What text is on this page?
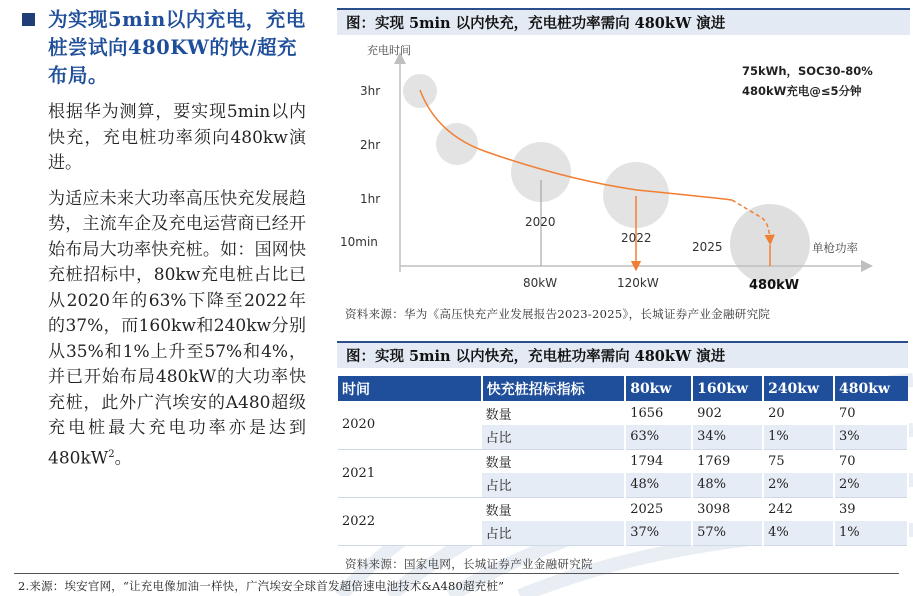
为实现5min以内充电，充电桩尝试向480KW的快/超充布局。

根据华为测算，要实现5min以内快充，充电桩功率须向480kw演进。

为适应未来大功率高压快充发展趋势，主流车企及充电运营商已经开始布局大功率快充桩。如：国网快充桩招标中，80kw充电桩占比已从2020年的63%下降至2022年的37%，而160kw和240kw分别从35%和1%上升至57%和4%，并已开始布局480kW的大功率快充桩，此外广汽埃安的A480超级充电桩最大充电功率亦是达到$480kW^2$。

图：实现 5min 以内快充，充电桩功率需向 480kW 演进
充电时间
单枪功率
3hr
2hr
1hr
10min
80kW	120kW	480kW
2020
2022
2025
75kWh，SOC30-80%
480kW充电@≤5分钟
资料来源：华为《高压快充产业发展报告2023-2025》，长城证券产业金融研究院
图：实现 5min 以内快充，充电桩功率需向 480kW 演进
时间	快充桩招标指标	80kw	160kw	240kw	480kw
2020	数量	1656	902	20	70
	占比	63%	34%	1%	3%
2021	数量	1794	1769	75	70
	占比	48%	48%	2%	2%
2022	数量	2025	3098	242	39
	占比	37%	57%	4%	1%
资料来源：国家电网，长城证券产业金融研究院
2.来源：埃安官网，“让充电像加油一样快，广汽埃安全球首发超倍速电池技术&A480超充桩”
